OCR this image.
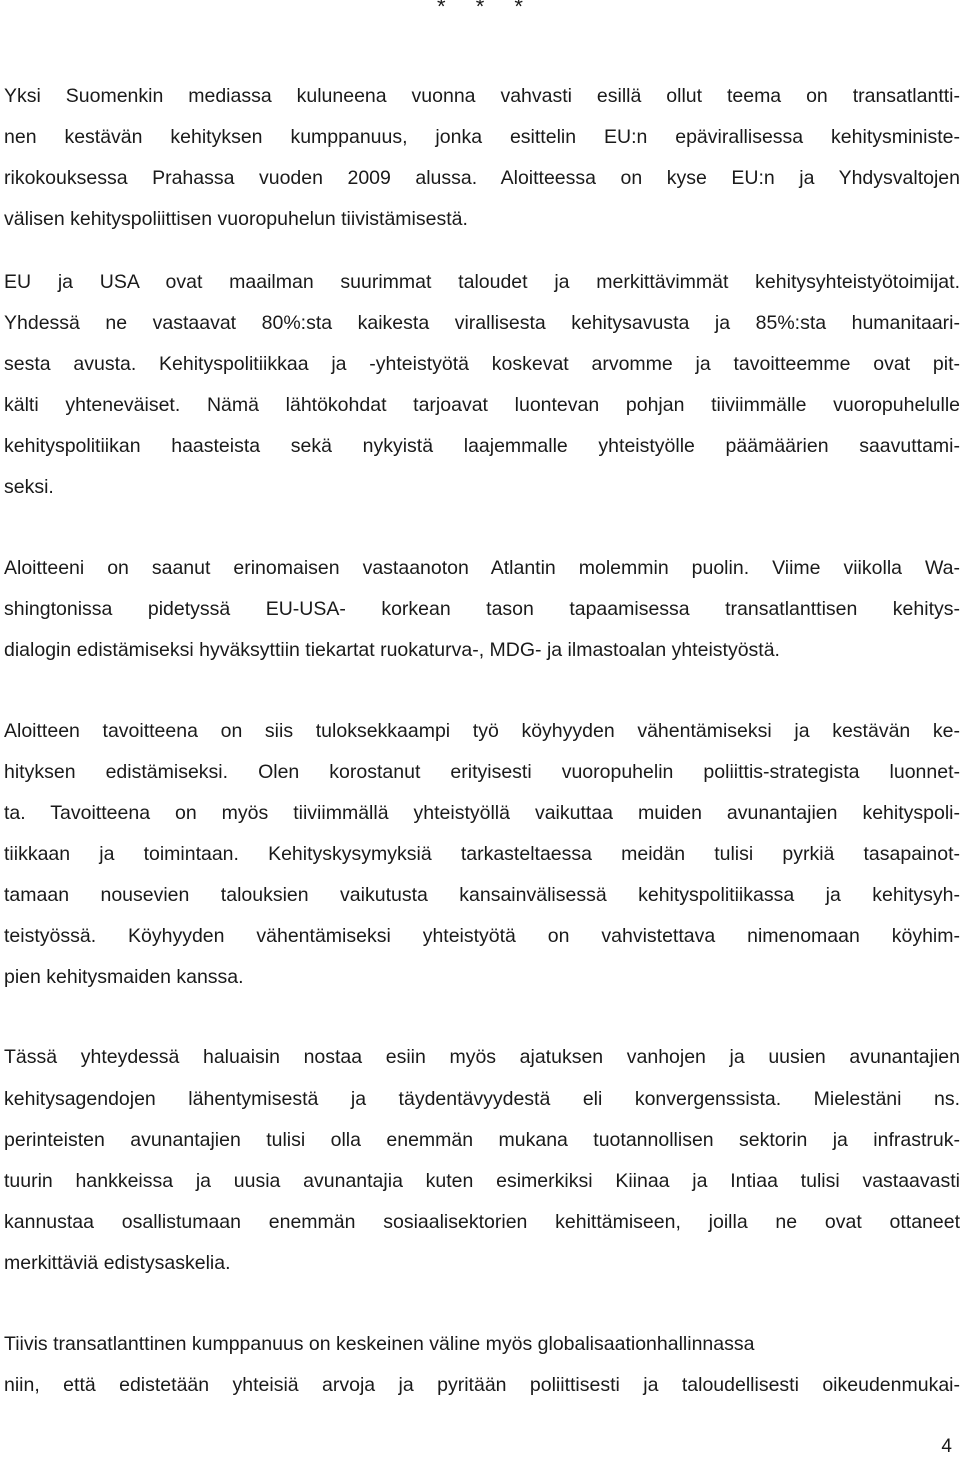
* * *
Yksi Suomenkin mediassa kuluneena vuonna vahvasti esillä ollut teema on transatlantti-
nen kestävän kehityksen kumppanuus, jonka esittelin EU:n epävirallisessa kehitysministe-
rikokouksessa Prahassa vuoden 2009 alussa. Aloitteessa on kyse EU:n ja Yhdysvaltojen
välisen kehityspoliittisen vuoropuhelun tiivistämisestä.
EU ja USA ovat maailman suurimmat taloudet ja merkittävimmät kehitysyhteistyötoimijat.
Yhdessä ne vastaavat 80%:sta kaikesta virallisesta kehitysavusta ja 85%:sta humanitaari-
sesta avusta. Kehityspolitiikkaa ja -yhteistyötä koskevat arvomme ja tavoitteemme ovat pit-
kälti yhteneväiset. Nämä lähtökohdat tarjoavat luontevan pohjan tiiviimmälle vuoropuhelulle
kehityspolitiikan haasteista sekä nykyistä laajemmalle yhteistyölle päämäärien saavuttami-
seksi.
Aloitteeni on saanut erinomaisen vastaanoton Atlantin molemmin puolin. Viime viikolla Wa-
shingtonissa pidetyssä EU-USA- korkean tason tapaamisessa transatlanttisen kehitys-
dialogin edistämiseksi hyväksyttiin tiekartat ruokaturva-, MDG- ja ilmastoalan yhteistyöstä.
Aloitteen tavoitteena on siis tuloksekkaampi työ köyhyyden vähentämiseksi ja kestävän ke-
hityksen edistämiseksi. Olen korostanut erityisesti vuoropuhelin poliittis-strategista luonnet-
ta. Tavoitteena on myös tiiviimmällä yhteistyöllä vaikuttaa muiden avunantajien kehityspoli-
tiikkaan ja toimintaan. Kehityskysymyksiä tarkasteltaessa meidän tulisi pyrkiä tasapainot-
tamaan nousevien talouksien vaikutusta kansainvälisessä kehityspolitiikassa ja kehitysyh-
teistyössä. Köyhyyden vähentämiseksi yhteistyötä on vahvistettava nimenomaan köyhim-
pien kehitysmaiden kanssa.
Tässä yhteydessä haluaisin nostaa esiin myös ajatuksen vanhojen ja uusien avunantajien
kehitysagendojen lähentymisestä ja täydentävyydestä eli konvergenssista. Mielestäni ns.
perinteisten avunantajien tulisi olla enemmän mukana tuotannollisen sektorin ja infrastruk-
tuurin hankkeissa ja uusia avunantajia kuten esimerkiksi Kiinaa ja Intiaa tulisi vastaavasti
kannustaa osallistumaan enemmän sosiaalisektorien kehittämiseen, joilla ne ovat ottaneet
merkittäviä edistysaskelia.
Tiivis transatlanttinen kumppanuus on keskeinen väline myös globalisaationhallinnassa
niin, että edistetään yhteisiä arvoja ja pyritään poliittisesti ja taloudellisesti oikeudenmukai-
4
